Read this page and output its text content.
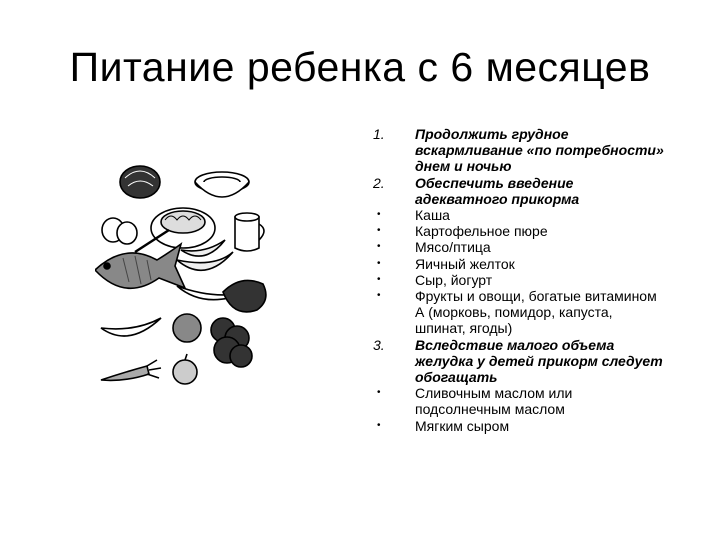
Питание ребенка с 6 месяцев
1.	Продолжить грудное вскармливание «по потребности» днем и ночью
2.	Обеспечить введение адекватного прикорма
•	Каша
•	Картофельное пюре
•	Мясо/птица
•	Яичный желток
•	Сыр, йогурт
•	Фрукты и овощи, богатые витамином А (морковь, помидор, капуста, шпинат, ягоды)
3.	Вследствие малого объема желудка у детей прикорм следует обогащать
•	Сливочным маслом или подсолнечным маслом
•	Мягким сыром
